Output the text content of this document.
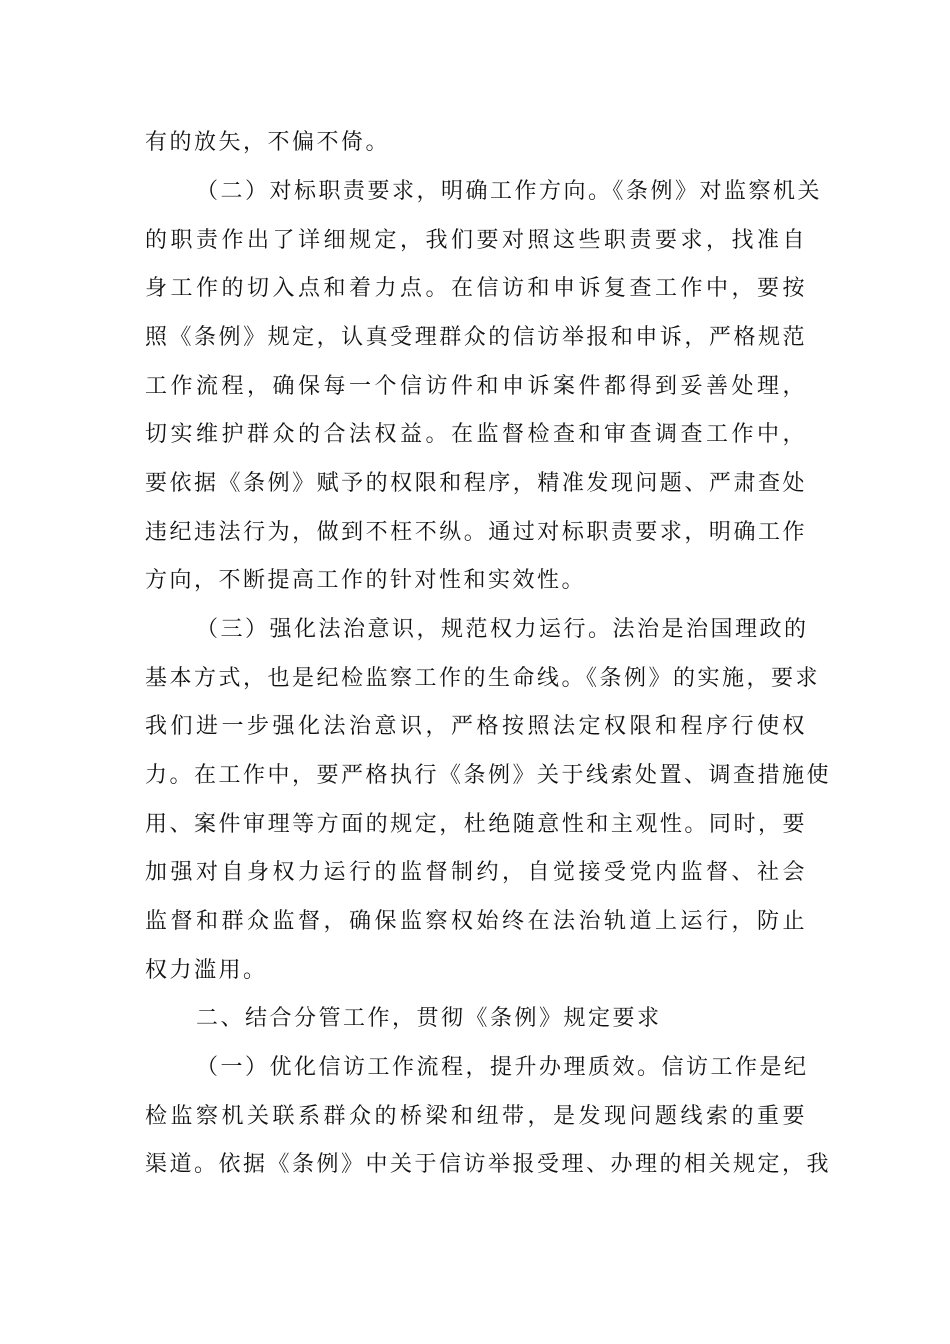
有的放矢，不偏不倚。
（二）对标职责要求，明确工作方向。《条例》对监察机关
的职责作出了详细规定，我们要对照这些职责要求，找准自
身工作的切入点和着力点。在信访和申诉复查工作中，要按
照《条例》规定，认真受理群众的信访举报和申诉，严格规范
工作流程，确保每一个信访件和申诉案件都得到妥善处理，
切实维护群众的合法权益。在监督检查和审查调查工作中，
要依据《条例》赋予的权限和程序，精准发现问题、严肃查处
违纪违法行为，做到不枉不纵。通过对标职责要求，明确工作
方向，不断提高工作的针对性和实效性。
（三）强化法治意识，规范权力运行。法治是治国理政的
基本方式，也是纪检监察工作的生命线。《条例》的实施，要求
我们进一步强化法治意识，严格按照法定权限和程序行使权
力。在工作中，要严格执行《条例》关于线索处置、调查措施使
用、案件审理等方面的规定，杜绝随意性和主观性。同时，要
加强对自身权力运行的监督制约，自觉接受党内监督、社会
监督和群众监督，确保监察权始终在法治轨道上运行，防止
权力滥用。
二、结合分管工作，贯彻《条例》规定要求
（一）优化信访工作流程，提升办理质效。信访工作是纪
检监察机关联系群众的桥梁和纽带，是发现问题线索的重要
渠道。依据《条例》中关于信访举报受理、办理的相关规定，我
